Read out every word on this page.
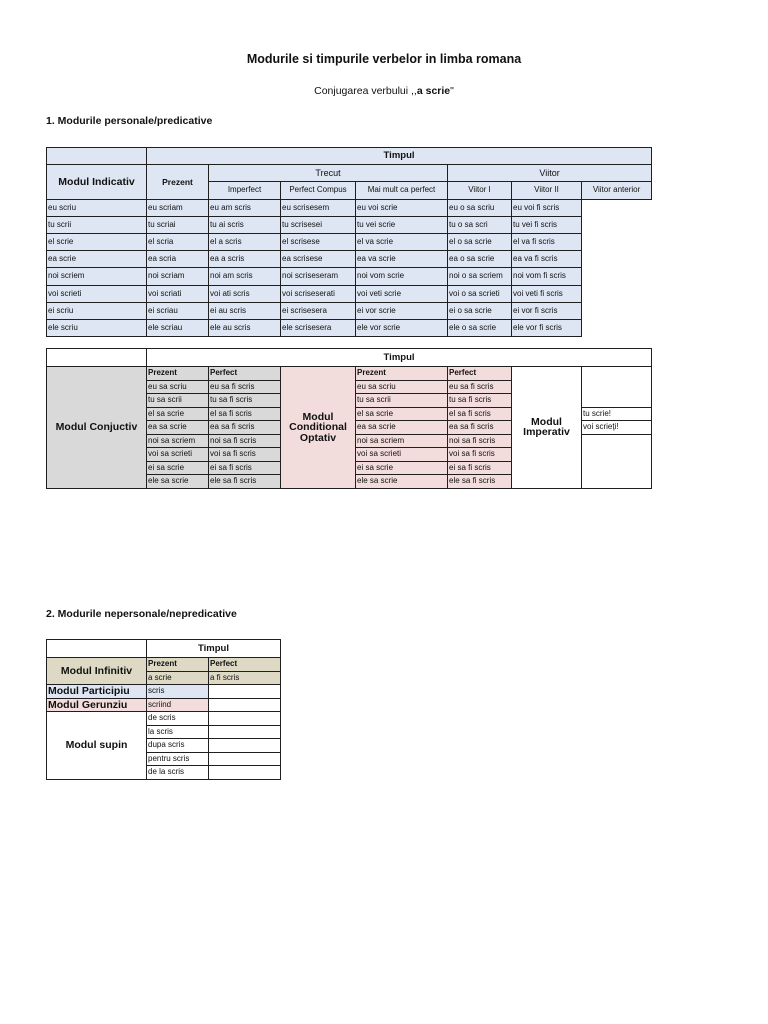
Modurile si timpurile verbelor in limba romana
Conjugarea verbului ,,a scrie"
1. Modurile personale/predicative
	Timpul						
Modul Indicativ	Prezent	Trecut			Viitor		
		Imperfect	Perfect Compus	Mai mult ca perfect	Viitor I	Viitor II	Viitor anterior
eu scriu	eu scriam	eu am scris	eu scrisesem	eu voi scrie	eu o sa scriu	eu voi fi scris	
tu scrii	tu scriai	tu ai scris	tu scrisesei	tu vei scrie	tu o sa scri	tu vei fi scris	
el scrie	el scria	el a scris	el scrisese	el va scrie	el o sa scrie	el va fi scris	
ea scrie	ea scria	ea a scris	ea scrisese	ea va scrie	ea o sa scrie	ea va fi scris	
noi scriem	noi scriam	noi am scris	noi scriseseram	noi vom scrie	noi o sa scriem	noi vom fi scris	
voi scrieti	voi scriati	voi ati scris	voi scriseserati	voi veti scrie	voi o sa scrieti	voi veti fi scris	
ei scriu	ei scriau	ei au scris	ei scrisesera	ei vor scrie	ei o sa scrie	ei vor fi scris	
ele scriu	ele scriau	ele au scris	ele scrisesera	ele vor scrie	ele o sa scrie	ele vor fi scris	
	Timpul						
Modul Conjuctiv	Prezent	Perfect	Modul Conditional Optativ	Prezent	Perfect	Modul Imperativ	
	eu sa scriu	eu sa fi scris		eu sa scriu	eu sa fi scris		
	tu sa scrii	tu sa fi scris		tu sa scrii	tu sa fi scris		
	el sa scrie	el sa fi scris		el sa scrie	el sa fi scris		tu scrie!
	ea sa scrie	ea sa fi scris		ea sa scrie	ea sa fi scris		voi scrieţi!
	noi sa scriem	noi sa fi scris		noi sa scriem	noi sa fi scris		
	voi sa scrieti	voi sa fi scris		voi sa scrieti	voi sa fi scris		
	ei sa scrie	ei sa fi scris		ei sa scrie	ei sa fi scris		
	ele sa scrie	ele sa fi scris		ele sa scrie	ele sa fi scris		
2. Modurile nepersonale/nepredicative
	Timpul	
Modul Infinitiv	Prezent	Perfect
	a scrie	a fi scris
Modul Participiu	scris	
Modul Gerunziu	scriind	
Modul supin	de scris	
	la scris	
	dupa scris	
	pentru scris	
	de la scris	
